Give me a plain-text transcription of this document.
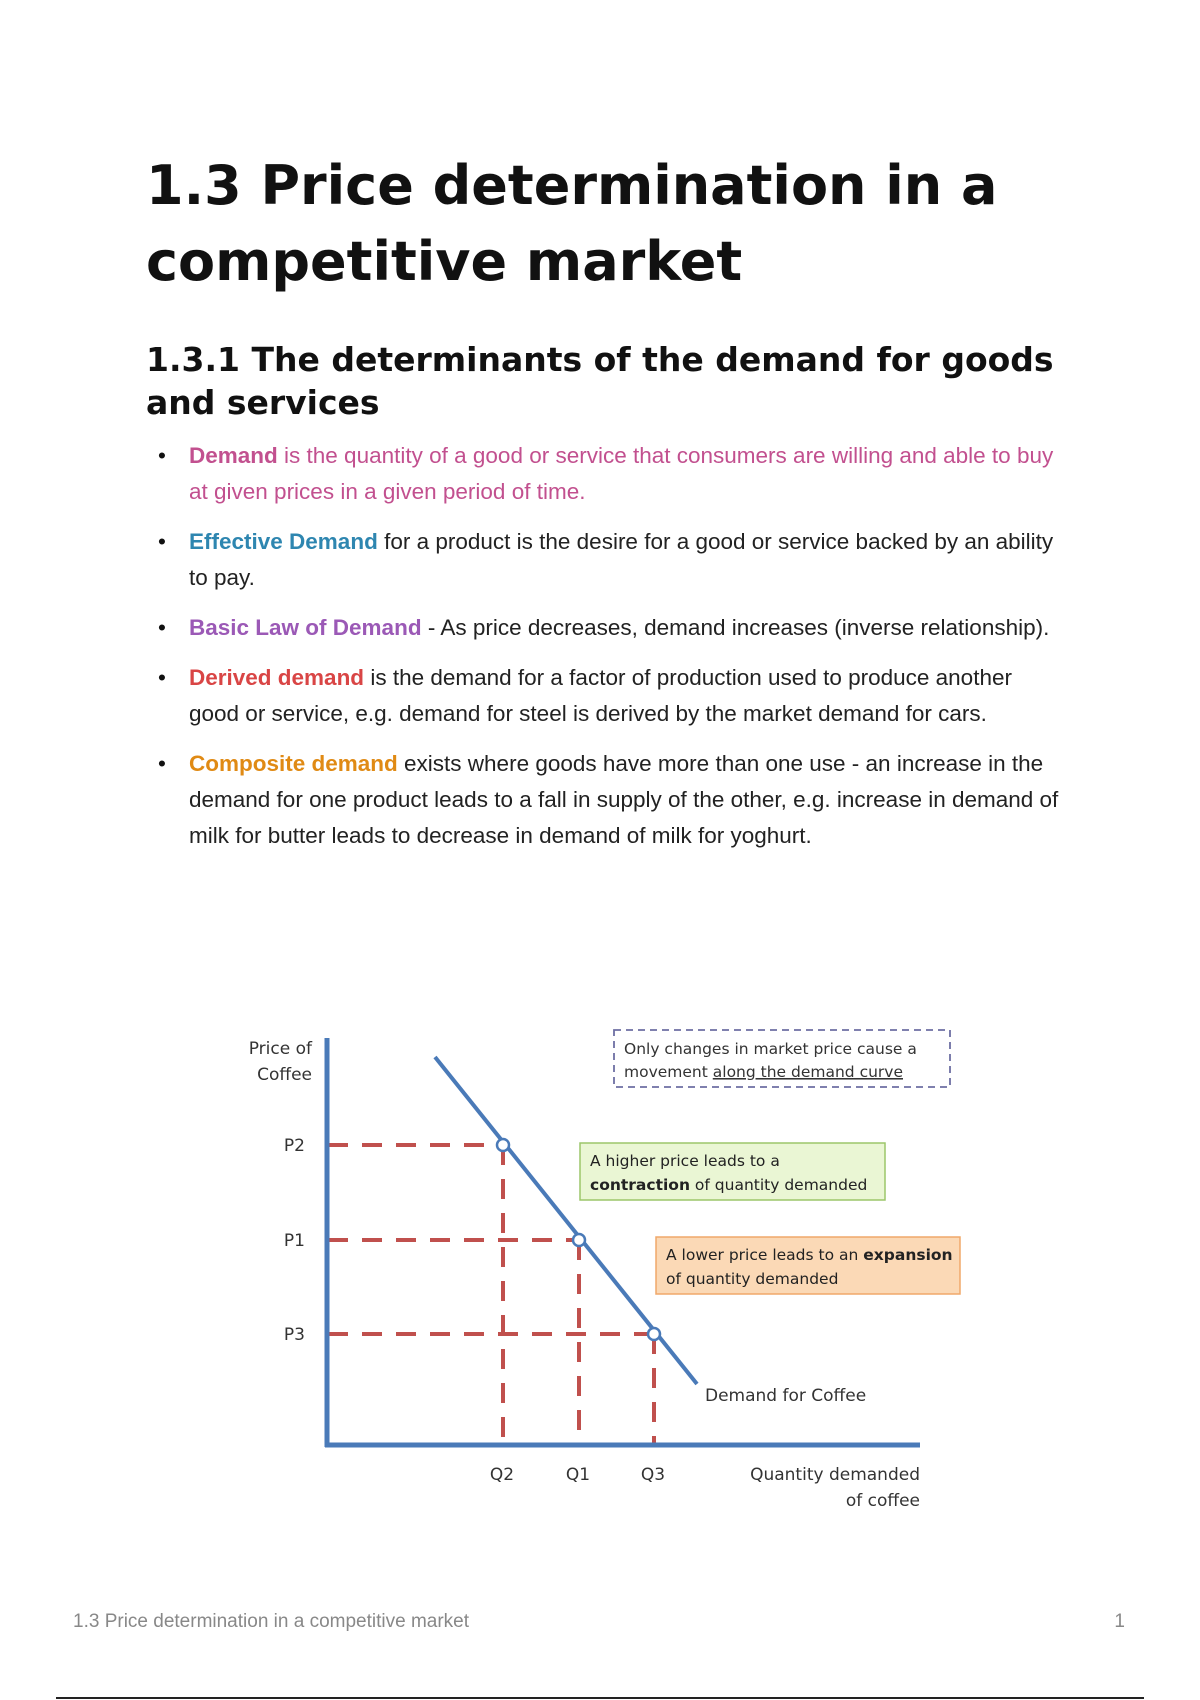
1.3 Price determination in a competitive market
1.3.1 The determinants of the demand for goods and services
• Demand is the quantity of a good or service that consumers are willing and able to buy at given prices in a given period of time.
• Effective Demand for a product is the desire for a good or service backed by an ability to pay.
• Basic Law of Demand - As price decreases, demand increases (inverse relationship).
• Derived demand is the demand for a factor of production used to produce another good or service, e.g. demand for steel is derived by the market demand for cars.
• Composite demand exists where goods have more than one use - an increase in the demand for one product leads to a fall in supply of the other, e.g. increase in demand of milk for butter leads to decrease in demand of milk for yoghurt.
Price of
Coffee
P2
P1
P3
Q2	Q1	Q3	Quantity demanded
of coffee
Demand for Coffee
Only changes in market price cause a
movement along the demand curve
A higher price leads to a
contraction of quantity demanded
A lower price leads to an expansion
of quantity demanded
1.3 Price determination in a competitive market	1
